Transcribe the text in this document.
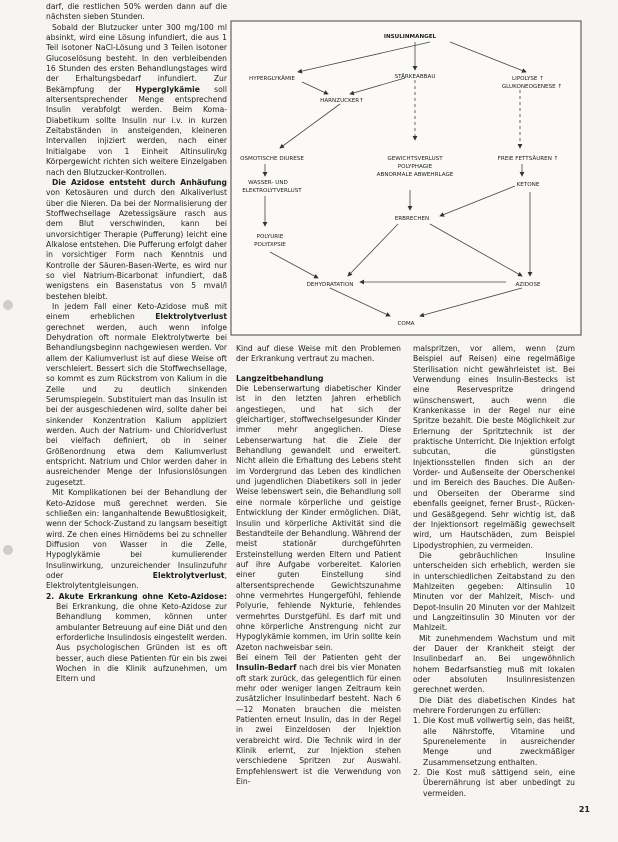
darf, die restlichen 50% werden dann auf die nächsten sieben Stunden.

Sobald der Blutzucker unter 300 mg/100 ml absinkt, wird eine Lösung infundiert, die aus 1 Teil isotoner NaCl-Lösung und 3 Teilen isotoner Glucoselösung besteht. In den verbleibenden 16 Stunden des ersten Behandlungstages wird der Erhaltungsbedarf infundiert. Zur Bekämpfung der Hyperglykämie soll altersentsprechender Menge entsprechend Insulin verabfolgt werden. Beim Koma-Diabetikum sollte Insulin nur i.v. in kurzen Zeitabständen in ansteigenden, kleineren Intervallen injiziert werden, nach einer Initialgabe von 1 Einheit Altinsulin/kg Körpergewicht richten sich weitere Einzelgaben nach den Blutzucker-Kontrollen.

Die Azidose entsteht durch Anhäufung von Ketosäuren und durch den Alkaliverlust über die Nieren. Da bei der Normalisierung der Stoffwechsellage Azetessigsäure rasch aus dem Blut verschwinden, kann bei unvorsichtiger Therapie (Pufferung) leicht eine Alkalose entstehen. Die Pufferung erfolgt daher in vorsichtiger Form nach Kenntnis und Kontrolle der Säuren-Basen-Werte, es wird nur so viel Natrium-Bicarbonat infundiert, daß wenigstens ein Basenstatus von 5 mval/l bestehen bleibt.

In jedem Fall einer Keto-Azidose muß mit einem erheblichen Elektrolytverlust gerechnet werden, auch wenn infolge Dehydration oft normale Elektrolytwerte bei Behandlungsbeginn nachgewiesen werden. Vor allem der Kaliumverlust ist auf diese Weise oft verschleiert. Bessert sich die Stoffwechsellage, so kommt es zum Rückstrom von Kalium in die Zelle und zu deutlich sinkenden Serumspiegeln. Substituiert man das Insulin ist bei der ausgeschiedenen wird, sollte daher bei sinkender Konzentration Kalium appliziert werden. Auch der Natrium- und Chloridverlust bei vielfach definiert, ob in seiner Größenordnung etwa dem Kaliumverlust entspricht. Natrium und Chlor werden daher in ausreichender Menge der Infusionslösungen zugesetzt.

Mit Komplikationen bei der Behandlung der Keto-Azidose muß gerechnet werden. Sie schließen ein: langanhaltende Bewußtlosigkeit, wenn der Schock-Zustand zu langsam beseitigt wird. Ze chen eines Hirnödems bei zu schneller Diffusion von Wasser in die Zelle, Hypoglykämie bei kumulierender Insulinwirkung, unzureichender Insulinzufuhr oder Elektrolytverlust, Elektrolytentgleisungen.

2. Akute Erkrankung ohne Keto-Azidose: Bei Erkrankung, die ohne Keto-Azidose zur Behandlung kommen, können unter ambulanter Betreuung auf eine Diät und den erforderliche Insulindosis eingestellt werden. Aus psychologischen Gründen ist es oft besser, auch diese Patienten für ein bis zwei Wochen in die Klinik aufzunehmen, um Eltern und

INSULINMANGEL
HYPERGLYKÄMIE	STÄRKEABBAU	LIPOLYSE ↑
GLUKONEOGENESE ↑
HARNZUCKER↑
OSMOTISCHE DIURESE	GEWICHTSVERLUST
POLYPHAGIE
ABNORMALE ABWEHRLAGE
FREIE FETTSÄUREN ↑
WASSER- UND
ELEKTROLYTVERLUST
KETONE
ERBRECHEN
POLYURIE
POLYDIPSIE
DEHYDRATATION	AZIDOSE
COMA

Kind auf diese Weise mit den Problemen der Erkrankung vertraut zu machen.

Langzeitbehandlung

Die Lebenserwartung diabetischer Kinder ist in den letzten Jahren erheblich angestiegen, und hat sich der gleichartiger, stoffwechselgesunder Kinder immer mehr angeglichen. Diese Lebenserwartung hat die Ziele der Behandlung gewandelt und erweitert. Nicht allein die Erhaltung des Lebens steht im Vordergrund das Leben des kindlichen und jugendlichen Diabetikers soll in jeder Weise lebenswert sein, die Behandlung soll eine normale körperliche und geistige Entwicklung der Kinder ermöglichen. Diät, Insulin und körperliche Aktivität sind die Bestandteile der Behandlung. Während der meist stationär durchgeführten Ersteinstellung werden Eltern und Patient auf ihre Aufgabe vorbereitet. Kalorien einer guten Einstellung sind altersentsprechende Gewichtszunahme ohne vermehrtes Hungergefühl, fehlende Polyurie, fehlende Nykturie, fehlendes vermehrtes Durstgefühl. Es darf mit und ohne körperliche Anstrengung nicht zur Hypoglykämie kommen, im Urin sollte kein Azeton nachweisbar sein.

Bei einem Teil der Patienten geht der Insulin-Bedarf nach drei bis vier Monaten oft stark zurück, das gelegentlich für einen mehr oder weniger langen Zeitraum kein zusätzlicher Insulinbedarf besteht. Nach 6—12 Monaten brauchen die meisten Patienten erneut Insulin, das in der Regel in zwei Einzeldosen der Injektion verabreicht wird. Die Technik wird in der Klinik erlernt, zur Injektion stehen verschiedene Spritzen zur Auswahl. Empfehlenswert ist die Verwendung von Ein-

malspritzen, vor allem, wenn (zum Beispiel auf Reisen) eine regelmäßige Sterilisation nicht gewährleistet ist. Bei Verwendung eines Insulin-Bestecks ist eine Reservespritze dringend wünschenswert, auch wenn die Krankenkasse in der Regel nur eine Spritze bezahlt. Die beste Möglichkeit zur Erlernung der Spritztechnik ist der praktische Unterricht. Die Injektion erfolgt subcutan, die günstigsten Injektionsstellen finden sich an der Vorder- und Außenseite der Oberschenkel und im Bereich des Bauches. Die Außen- und Oberseiten der Oberarme sind ebenfalls geeignet, ferner Brust-, Rücken- und Gesäßgegend. Sehr wichtig ist, daß der Injektionsort regelmäßig gewechselt wird, um Hautschäden, zum Beispiel Lipodystrophien, zu vermeiden.

Die gebräuchlichen Insuline unterscheiden sich erheblich, werden sie in unterschiedlichen Zeitabstand zu den Mahlzeiten gegeben: Altinsulin 10 Minuten vor der Mahlzeit, Misch- und Depot-Insulin 20 Minuten vor der Mahlzeit und Langzeitinsulin 30 Minuten vor der Mahlzeit.

Mit zunehmendem Wachstum und mit der Dauer der Krankheit steigt der Insulinbedarf an. Bei ungewöhnlich hohem Bedarfsanstieg muß mit lokalen oder absoluten Insulinresistenzen gerechnet werden.

Die Diät des diabetischen Kindes hat mehrere Forderungen zu erfüllen:

1. Die Kost muß vollwertig sein, das heißt, alle Nährstoffe, Vitamine und Spurenelemente in ausreichender Menge und zweckmäßiger Zusammensetzung enthalten.

2. Die Kost muß sättigend sein, eine Überernährung ist aber unbedingt zu vermeiden.

21
